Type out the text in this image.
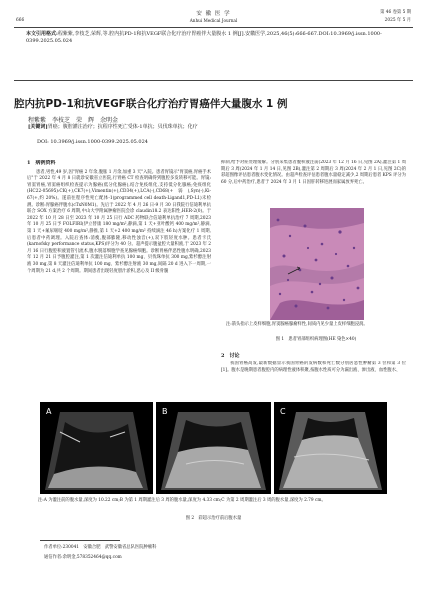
666
安 徽 医 学
Anhui Medical Journal
第 46 卷第 5 期
2025 年 5 月
本文引用格式:程紫紫,李枝芝,荣辉,等.腔内抗PD-1和抗VEGF联合化疗治疗胃癌伴大量腹水 1 例[J].安徽医学,2025,46(5):666-667.DOI:10.3969/j.issn.1000-0399.2025.05.024
腔内抗PD-1和抗VEGF联合化疗治疗胃癌伴大量腹水 1 例
程紫紫　李枝芝　荣　辉　余明金
[关键词]胃癌；腹腔灌注治疗；抗程序性死亡受体-1单抗；贝伐珠单抗；化疗
DOI: 10.3969/j.issn.1000-0399.2025.05.024
1　病例资料

患者,男性,49 岁,因"胃癌 2 年余,腹胀 1 月余,加重 3 天"入院。患者胃镜示"胃窦癌,胃癌手术后"于 2022 年 4 月 8 日就诊安徽省立医院,行胃癌 CT 检查明确得到腹腔多发转移可能。胃镜:胃窦胃癌,胃窦癌组织检查提示为腺癌(低分化腺癌),结合免疫组化,支持低分化腺癌;免疫组化(HC22-05695):CK(+),CK7(+),Vimentin(+),CD34(+),LCA(-),CD68(+弱),Syn(-),Ki-67(+,约 20%)。遂前往程序性死亡配体-1(programmed cell death-Ligand1,PD-L1)未检测。诊断:胃腺癌伴腹水(cTxN0M1)。先后于 2022 年 4 月 26 日-9 月 30 日我院行信迪利单抗联合 SOX 方案治疗 6 周期,中山大学附属肿瘤医院会诊 claudin18.2 表达阳性,HER-2(0)。于 2022 年 10 月 28 日至 2023 年 10 月 25 日行 ADC 药物联合信迪利单抗治疗 7 周期,2023 年 10 月 25 日予 FOLFIRI(伊立替康 180 mg/m²,静滴,第 1 天+亚叶酸钙 400 mg/m²,静滴,第 1 天+氟尿嘧啶 400 mg/m²,静推,第 1 天+2 400 mg/m² 持续滴注 46 h)方案化疗 1 周期,后患者中药调理。入院后查体:消瘦,腹部膨隆,移动性浊音(+),双下肢轻度水肿。患者卡氏(karnofsky performance status,KPS)评分为 40 分。超声提示腹盆腔大量积液,于 2023 年 2 月 16 日行腹腔积液置管引流术,腹水脱落细胞学查见腺癌细胞。诊断胃癌伴恶性腹水明确,2023 年 12 月 21 日予腹腔灌注,第 1 次灌注信迪利单抗 100 mg、贝伐珠单抗 300 mg,紫杉醇注射液 30 mg,第 8 天灌注信迪利单抗 100 mg、紫杉醇注射液 30 mg,间隔 20 d 进入下一周期,一个周期为 21 d,共 2 个周期。期间患者出现轻度胆汁淤积,恶心及 II 级骨髓

抑制,给予对症处理缓解。分别采集患者腹积液注前(2023 年 12 月 16 日,见图 2A),灌注第 1 周期后 3 周(2024 年 1 月 14 日,见图 2B),灌注第 2 周期后 3 周(2024 年 2 月 1 日,见图 2C)的彩超图像评估患者腹水变化情况。由超声检查评估患者腹水量稳定减少,2 周期后患者 KPS 评分为 60 分,后中药治疗,患者于 2024 年 3 月 1 日因肝转移进展而家属放弃死亡。

注:箭头指示上皮样细胞,胃窦腺癌腺瘤样性,间质内见少量上皮样细胞浸润。
图 1　患者胃部组织病理图(HE 染色×40)
2　讨论

我国胃癌高发,最新数据显示我国胃癌的发病数和死亡数分别居恶性肿瘤第 3 位和第 3 位[1]。腹水是晚期患者腹腔内的病理性液体积聚,按腹水性质可分为漏出液、渗出液、血性腹水、

A	B	C
注:A 为灌注前的腹水量,深度为 10.22 cm;B 为第 1 周期灌注后 3 周的腹水量,深度为 4.33 cm;C 为第 2 周期灌注后 3 周的腹水量,深度为 2.79 cm。
图 2　彩超示治疗前后腹水量
作者单位:230041　安徽合肥　武警安徽省总队医院肿瘤科
通信作者:余明金,578352464@qq.com
